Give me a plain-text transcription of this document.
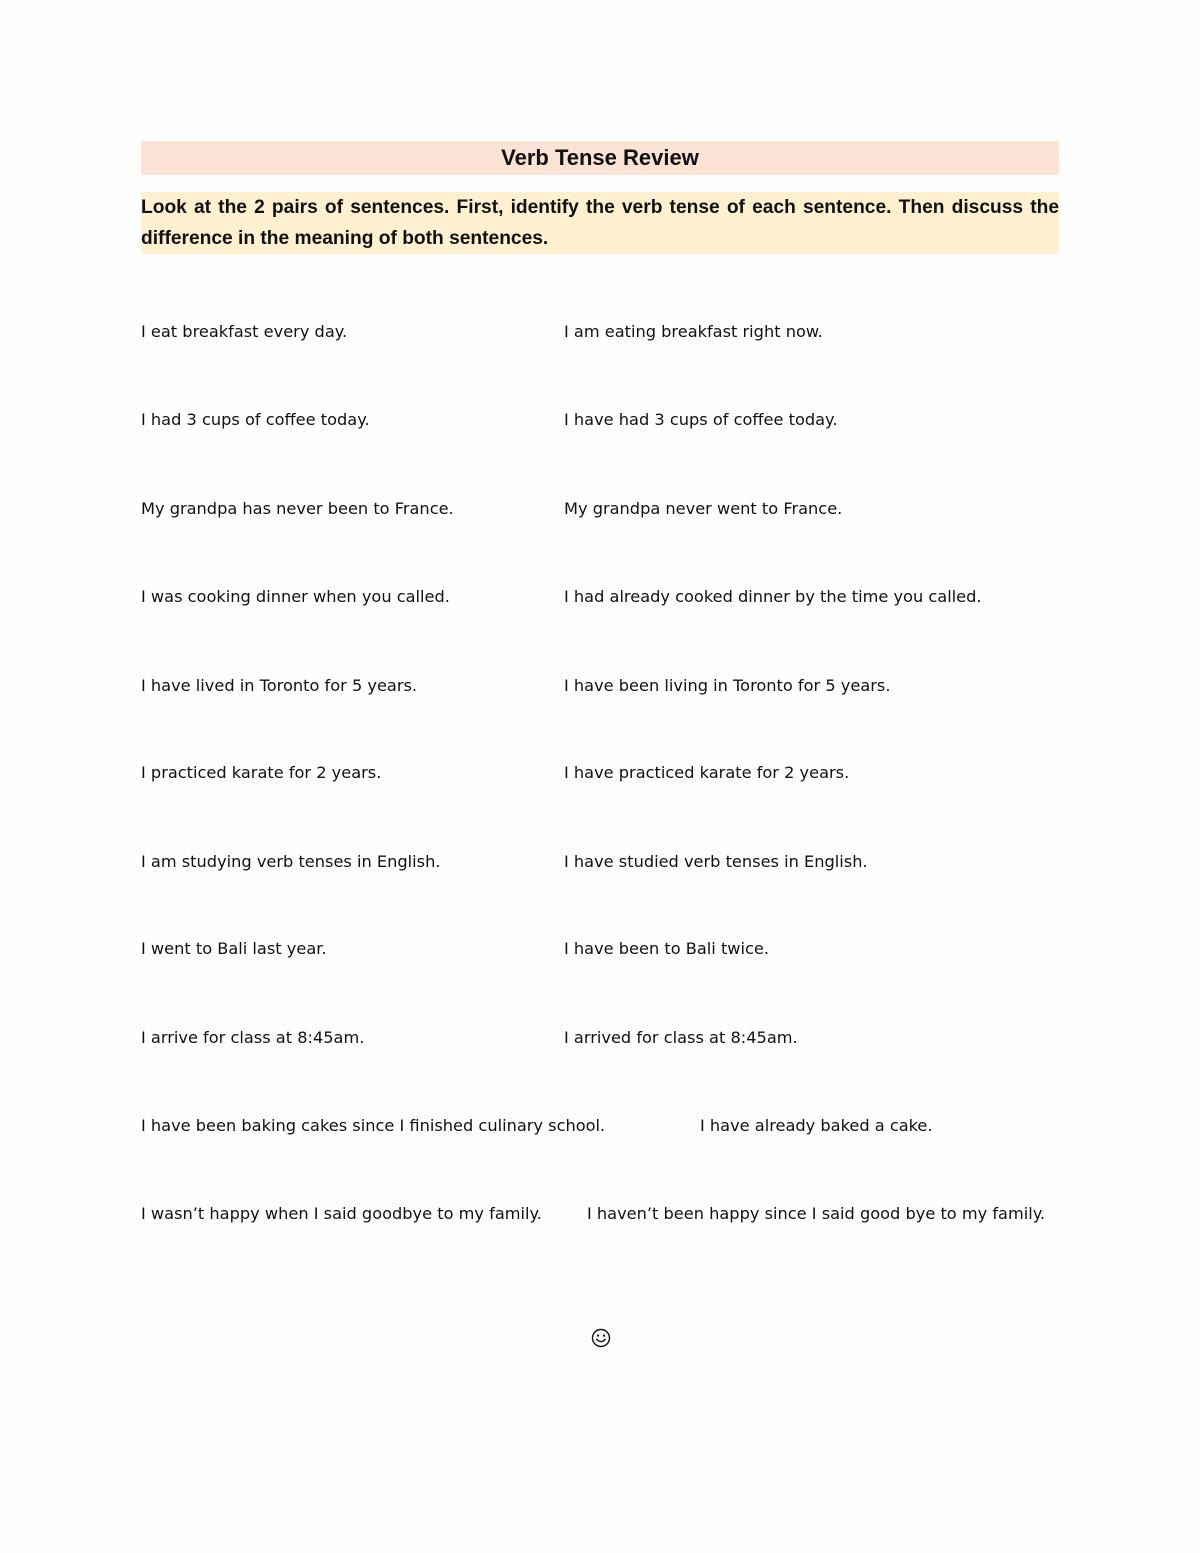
Verb Tense Review

Look at the 2 pairs of sentences. First, identify the verb tense of each sentence. Then discuss the difference in the meaning of both sentences.

I eat breakfast every day.	I am eating breakfast right now.
I had 3 cups of coffee today.	I have had 3 cups of coffee today.
My grandpa has never been to France.	My grandpa never went to France.
I was cooking dinner when you called.	I had already cooked dinner by the time you called.
I have lived in Toronto for 5 years.	I have been living in Toronto for 5 years.
I practiced karate for 2 years.	I have practiced karate for 2 years.
I am studying verb tenses in English.	I have studied verb tenses in English.
I went to Bali last year.	I have been to Bali twice.
I arrive for class at 8:45am.	I arrived for class at 8:45am.
I have been baking cakes since I finished culinary school.	I have already baked a cake.
I wasn’t happy when I said goodbye to my family.	I haven’t been happy since I said good bye to my family.
